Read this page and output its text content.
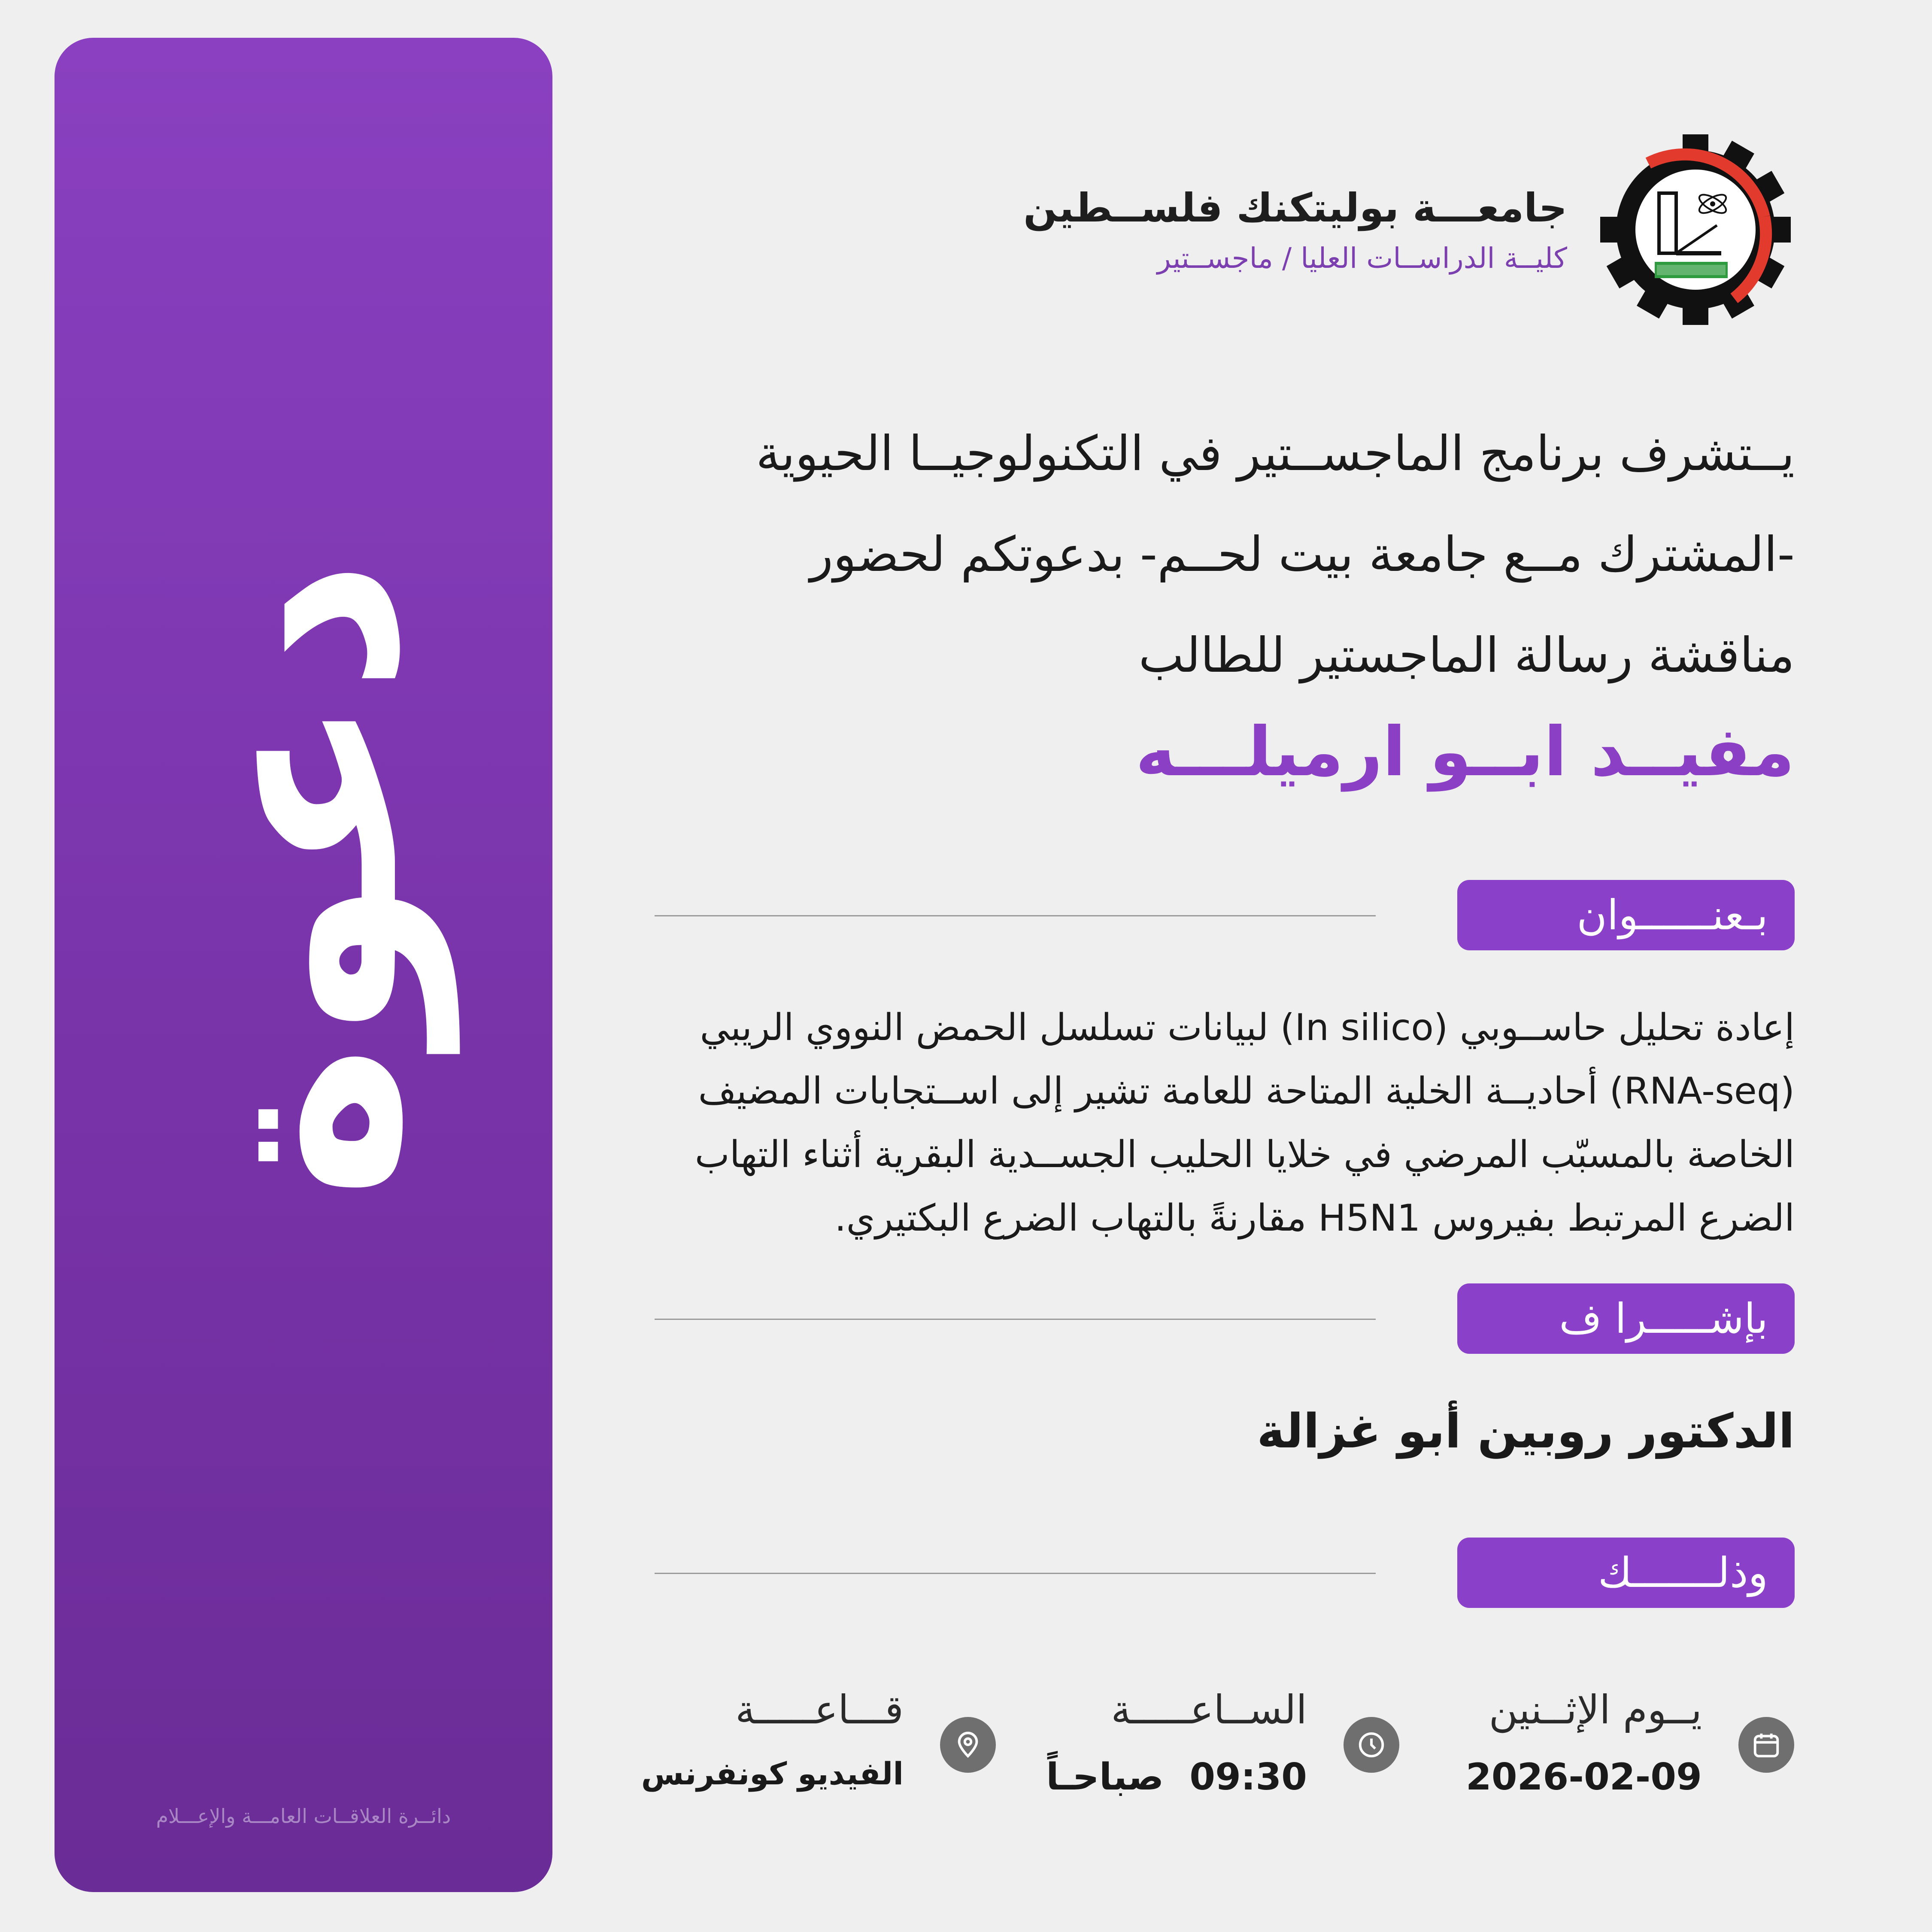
دعوة
دائــرة العلاقــات العامـــة والإعـــلام
جامعـــة بوليتكنك فلســطين
كليــة الدراســات العليا / ماجســتير
يــتشرف برنامج الماجســتير في التكنولوجيــا الحيوية
-المشترك مــع جامعة بيت لحــم- بدعوتكم لحضور
مناقشة رسالة الماجستير للطالب
مفيــد ابــو ارميلـــه
بـعنــــــوان
إعادة تحليل حاســوبي (In silico) لبيانات تسلسل الحمض النووي الريبي
(RNA-seq) أحاديــة الخلية المتاحة للعامة تشير إلى اســتجابات المضيف
الخاصة بالمسبّب المرضي في خلايا الحليب الجســدية البقرية أثناء التهاب
الضرع المرتبط بفيروس H5N1 مقارنةً بالتهاب الضرع البكتيري.
بإشـــــرا ف
الدكتور روبين أبو غزالة
وذلـــــــك
يــوم الإثــنين
2026-02-09
الســاعـــــة
09:30 صباحـاً
قـــاعـــــة
الفيديو كونفرنس
